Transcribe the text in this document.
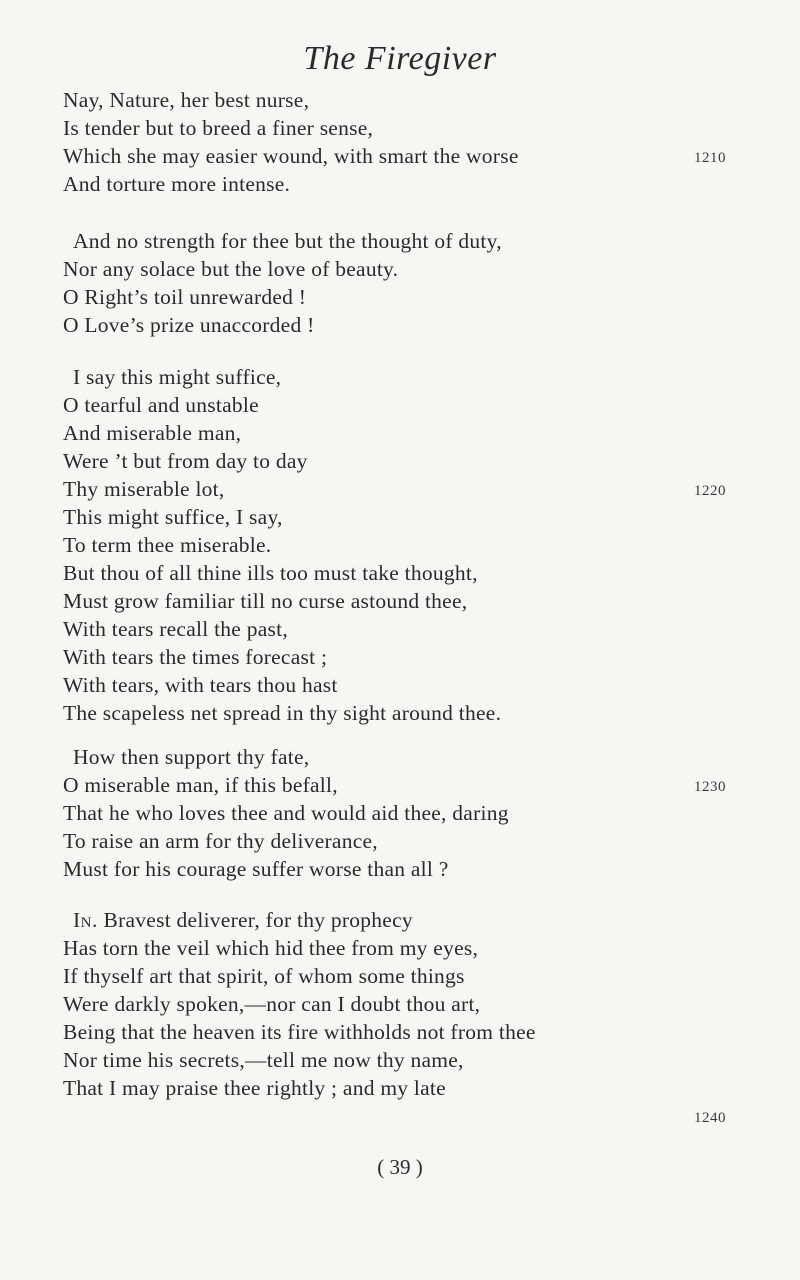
The Firegiver
Nay, Nature, her best nurse,
Is tender but to breed a finer sense,
Which she may easier wound, with smart the worse
And torture more intense.
1210
And no strength for thee but the thought of duty,
Nor any solace but the love of beauty.
O Right’s toil unrewarded !
O Love’s prize unaccorded !
I say this might suffice,
O tearful and unstable
And miserable man,
Were ’t but from day to day
Thy miserable lot,
This might suffice, I say,
To term thee miserable.
But thou of all thine ills too must take thought,
Must grow familiar till no curse astound thee,
With tears recall the past,
With tears the times forecast ;
With tears, with tears thou hast
The scapeless net spread in thy sight around thee.
1220
How then support thy fate,
O miserable man, if this befall,
That he who loves thee and would aid thee, daring
To raise an arm for thy deliverance,
Must for his courage suffer worse than all ?
1230
In. Bravest deliverer, for thy prophecy
Has torn the veil which hid thee from my eyes,
If thyself art that spirit, of whom some things
Were darkly spoken,—nor can I doubt thou art,
Being that the heaven its fire withholds not from thee
Nor time his secrets,—tell me now thy name,
That I may praise thee rightly ; and my late
1240
( 39 )
